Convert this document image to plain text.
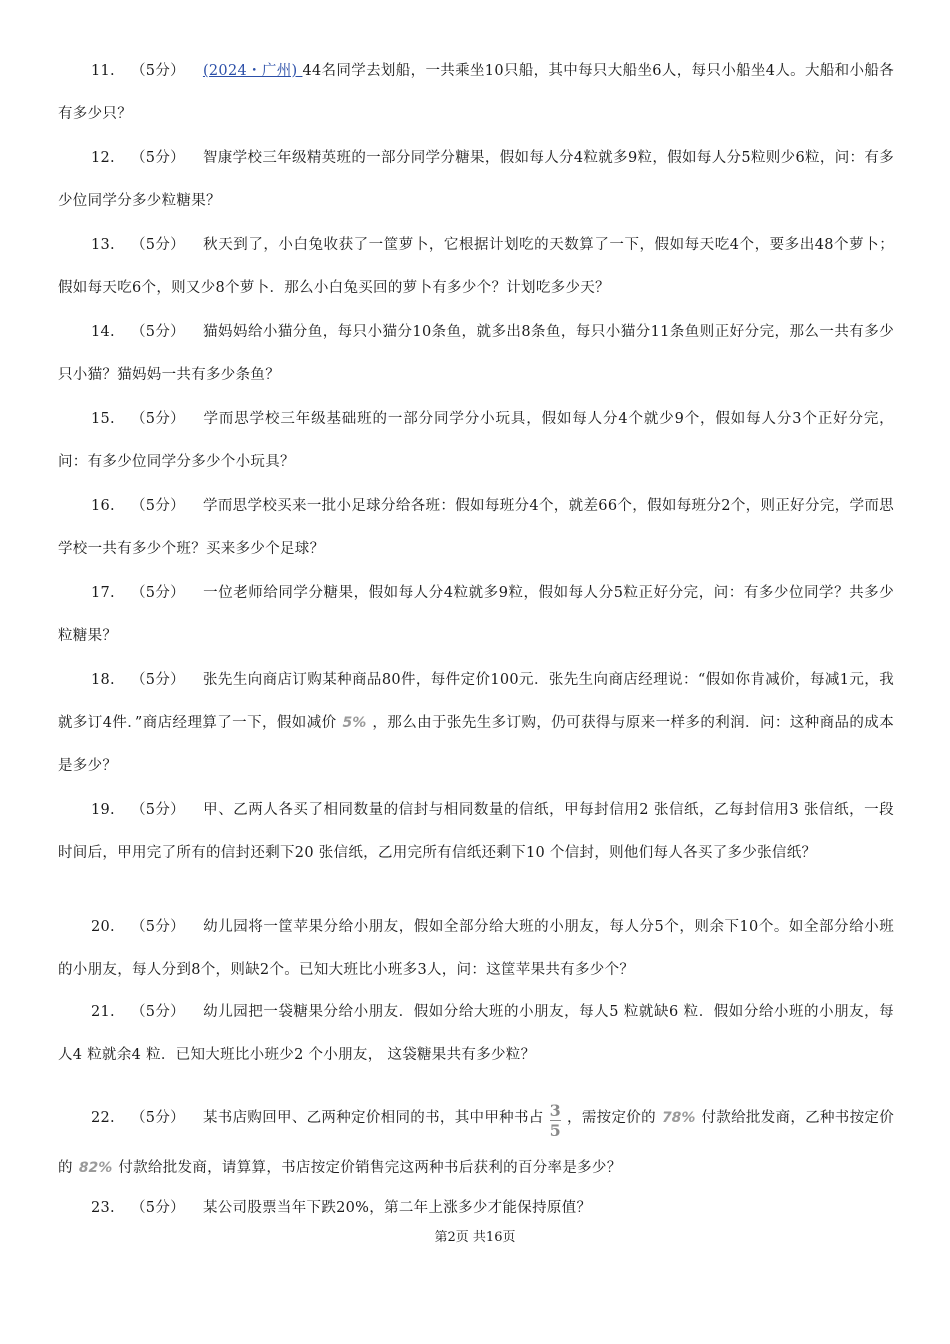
11. （5分） (2024・广州) 44名同学去划船，一共乘坐10只船，其中每只大船坐6人，每只小船坐4人。大船和小船各有多少只？

12. （5分） 智康学校三年级精英班的一部分同学分糖果，假如每人分4粒就多9粒，假如每人分5粒则少6粒，问：有多少位同学分多少粒糖果？

13. （5分） 秋天到了，小白兔收获了一筐萝卜，它根据计划吃的天数算了一下，假如每天吃4个，要多出48个萝卜；假如每天吃6个，则又少8个萝卜．那么小白兔买回的萝卜有多少个？计划吃多少天？

14. （5分） 猫妈妈给小猫分鱼，每只小猫分10条鱼，就多出8条鱼，每只小猫分11条鱼则正好分完，那么一共有多少只小猫？猫妈妈一共有多少条鱼？

15. （5分） 学而思学校三年级基础班的一部分同学分小玩具，假如每人分4个就少9个，假如每人分3个正好分完，问：有多少位同学分多少个小玩具？

16. （5分） 学而思学校买来一批小足球分给各班：假如每班分4个，就差66个，假如每班分2个，则正好分完，学而思学校一共有多少个班？买来多少个足球？

17. （5分） 一位老师给同学分糖果，假如每人分4粒就多9粒，假如每人分5粒正好分完，问：有多少位同学？共多少粒糖果？

18. （5分） 张先生向商店订购某种商品80件，每件定价100元．张先生向商店经理说：“假如你肯减价，每减1元，我就多订4件．”商店经理算了一下，假如减价 5% ，那么由于张先生多订购，仍可获得与原来一样多的利润．问：这种商品的成本是多少？

19. （5分） 甲、乙两人各买了相同数量的信封与相同数量的信纸，甲每封信用2 张信纸，乙每封信用3 张信纸，一段时间后，甲用完了所有的信封还剩下20 张信纸，乙用完所有信纸还剩下10 个信封，则他们每人各买了多少张信纸？

20. （5分） 幼儿园将一筐苹果分给小朋友，假如全部分给大班的小朋友，每人分5个，则余下10个。如全部分给小班的小朋友，每人分到8个，则缺2个。已知大班比小班多3人，问：这筐苹果共有多少个？

21. （5分） 幼儿园把一袋糖果分给小朋友．假如分给大班的小朋友，每人5 粒就缺6 粒．假如分给小班的小朋友，每人4 粒就余4 粒．已知大班比小班少2 个小朋友， 这袋糖果共有多少粒？

22. （5分） 某书店购回甲、乙两种定价相同的书，其中甲种书占 $\frac{3}{5}$ ，需按定价的 78% 付款给批发商，乙种书按定价的 82% 付款给批发商，请算算，书店按定价销售完这两种书后获利的百分率是多少？

23. （5分） 某公司股票当年下跌20%，第二年上涨多少才能保持原值？

第2页 共16页
